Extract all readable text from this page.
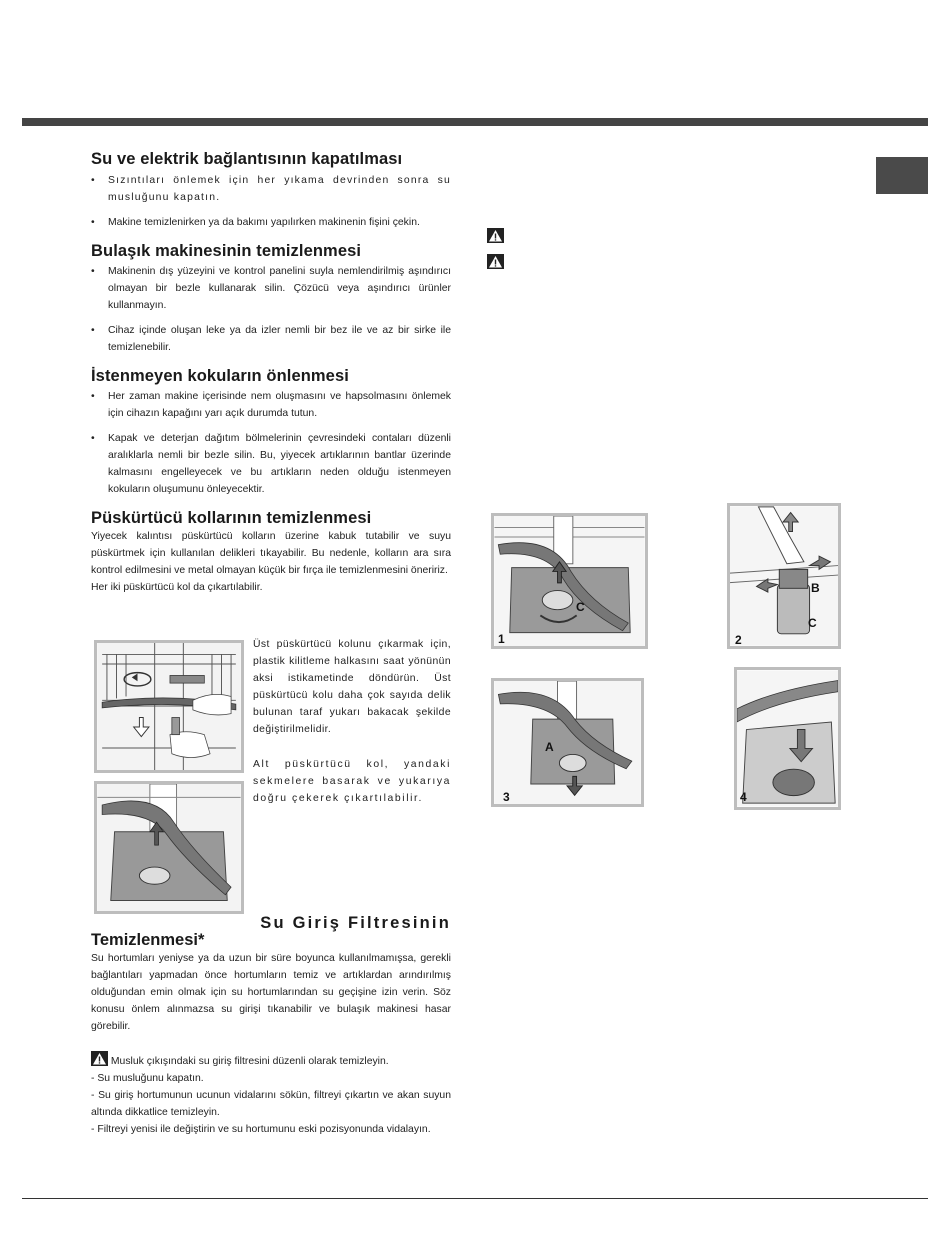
Su ve elektrik bağlantısının kapatılması
• Sızıntıları önlemek için her yıkama devrinden sonra su musluğunu kapatın.
• Makine temizlenirken ya da bakımı yapılırken makinenin fişini çekin.
Bulaşık makinesinin temizlenmesi
• Makinenin dış yüzeyini ve kontrol panelini suyla nemlendirilmiş aşındırıcı olmayan bir bezle kullanarak silin. Çözücü veya aşındırıcı ürünler kullanmayın.
• Cihaz içinde oluşan leke ya da izler nemli bir bez ile ve az bir sirke ile temizlenebilir.
İstenmeyen kokuların önlenmesi
• Her zaman makine içerisinde nem oluşmasını ve hapsolmasını önlemek için cihazın kapağını yarı açık durumda tutun.
• Kapak ve deterjan dağıtım bölmelerinin çevresindeki contaları düzenli aralıklarla nemli bir bezle silin. Bu, yiyecek artıklarının bantlar üzerinde kalmasını engelleyecek ve bu artıkların neden olduğu istenmeyen kokuların oluşumunu önleyecektir.
Püskürtücü kollarının temizlenmesi

Yiyecek kalıntısı püskürtücü kolların üzerine kabuk tutabilir ve suyu püskürtmek için kullanılan delikleri tıkayabilir. Bu nedenle, kolların ara sıra kontrol edilmesini ve metal olmayan küçük bir fırça ile temizlenmesini öneririz.

Her iki püskürtücü kol da çıkartılabilir.

Üst püskürtücü kolunu çıkarmak için, plastik kilitleme halkasını saat yönünün aksi istikametinde döndürün. Üst püskürtücü kolu daha çok sayıda delik bulunan taraf yukarı bakacak şekilde değiştirilmelidir.
Alt püskürtücü kol, yandaki sekmelere basarak ve yukarıya doğru çekerek çıkartılabilir.
Su Giriş Filtresinin
Temizlenmesi*

Su hortumları yeniyse ya da uzun bir süre boyunca kullanılmamışsa, gerekli bağlantıları yapmadan önce hortumların temiz ve artıklardan arındırılmış olduğundan emin olmak için su hortumlarından su geçişine izin verin. Söz konusu önlem alınmazsa su girişi tıkanabilir ve bulaşık makinesi hasar görebilir.

Musluk çıkışındaki su giriş filtresini düzenli olarak temizleyin.

- Su musluğunu kapatın.

- Su giriş hortumunun ucunun vidalarını sökün, filtreyi çıkartın ve akan suyun altında dikkatlice temizleyin.

- Filtreyi yenisi ile değiştirin ve su hortumunu eski pozisyonunda vidalayın.

1
C
2
B
C
3
A
4
